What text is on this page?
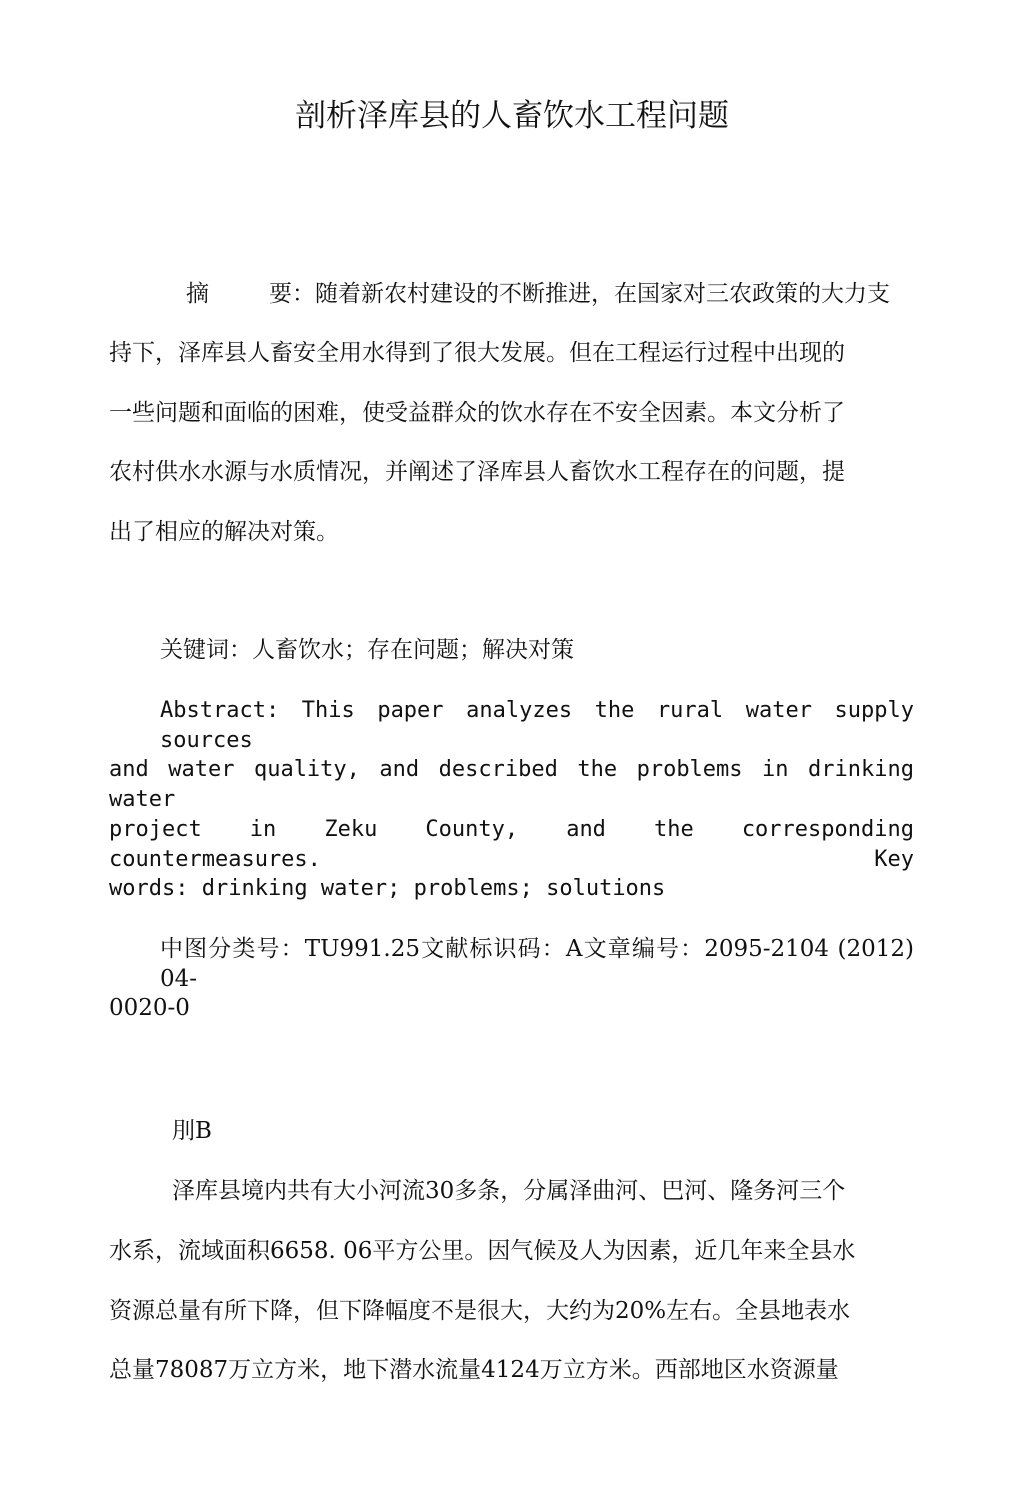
剖析泽库县的人畜饮水工程问题
摘	要：随着新农村建设的不断推进，在国家对三农政策的大力支
持下，泽库县人畜安全用水得到了很大发展。但在工程运行过程中出现的
一些问题和面临的困难，使受益群众的饮水存在不安全因素。本文分析了
农村供水水源与水质情况，并阐述了泽库县人畜饮水工程存在的问题，提
出了相应的解决对策。
关键词：人畜饮水；存在问题；解决对策
Abstract: This paper analyzes the rural water supply sources
and water quality, and described the problems in drinking water
project in Zeku County, and the corresponding countermeasures. Key
words: drinking water; problems; solutions
中图分类号：TU991.25文献标识码：A文章编号：2095-2104 (2012) 04-
0020-0
刖B
泽库县境内共有大小河流30多条，分属泽曲河、巴河、隆务河三个
水系，流域面积6658. 06平方公里。因气候及人为因素，近几年来全县水
资源总量有所下降，但下降幅度不是很大，大约为20%左右。全县地表水
总量78087万立方米，地下潜水流量4124万立方米。西部地区水资源量
